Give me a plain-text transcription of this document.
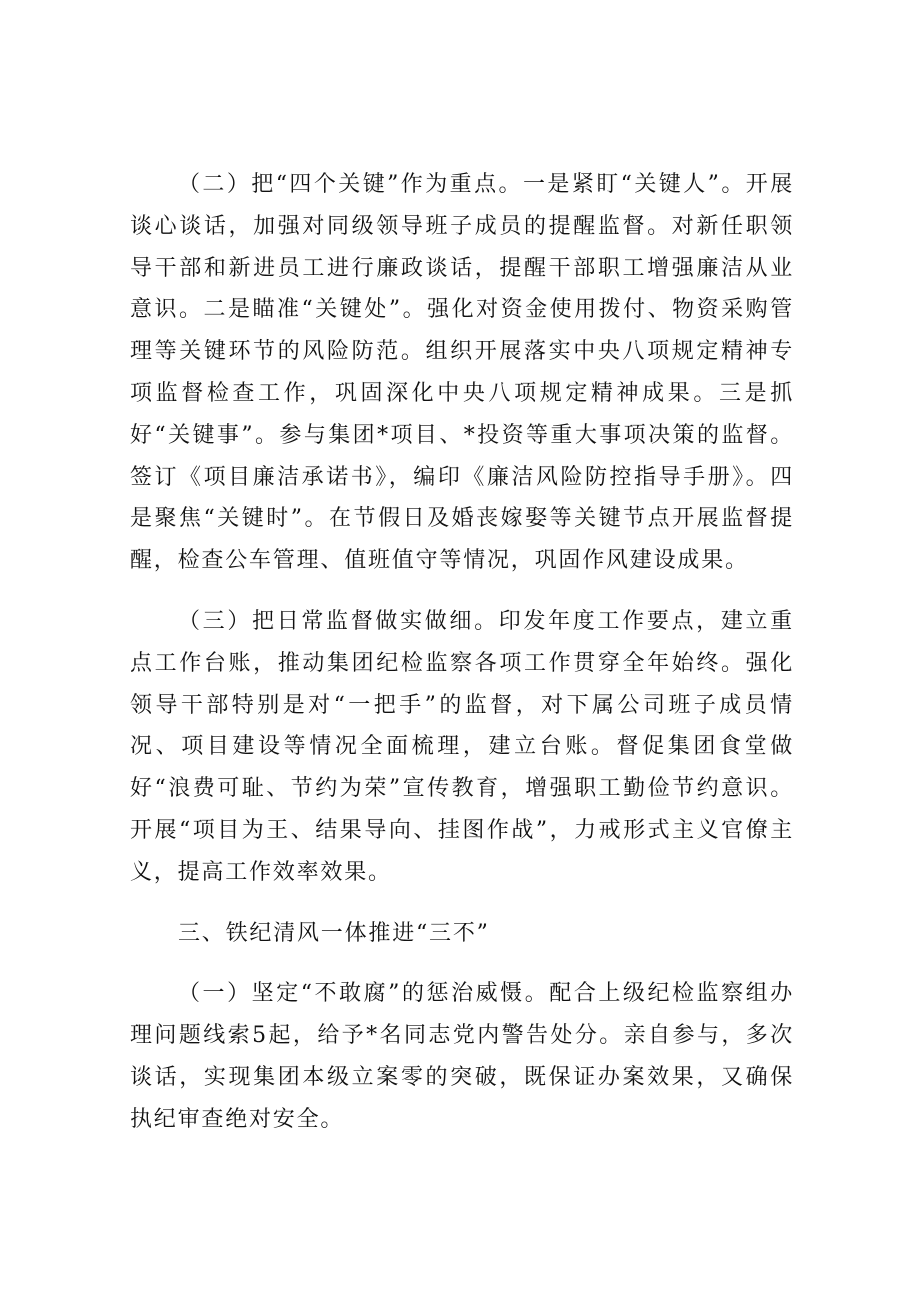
（二）把“四个关键”作为重点。一是紧盯“关键人”。开展谈心谈话，加强对同级领导班子成员的提醒监督。对新任职领导干部和新进员工进行廉政谈话，提醒干部职工增强廉洁从业意识。二是瞄准“关键处”。强化对资金使用拨付、物资采购管理等关键环节的风险防范。组织开展落实中央八项规定精神专项监督检查工作，巩固深化中央八项规定精神成果。三是抓好“关键事”。参与集团*项目、*投资等重大事项决策的监督。签订《项目廉洁承诺书》，编印《廉洁风险防控指导手册》。四是聚焦“关键时”。在节假日及婚丧嫁娶等关键节点开展监督提醒，检查公车管理、值班值守等情况，巩固作风建设成果。

（三）把日常监督做实做细。印发年度工作要点，建立重点工作台账，推动集团纪检监察各项工作贯穿全年始终。强化领导干部特别是对“一把手”的监督，对下属公司班子成员情况、项目建设等情况全面梳理，建立台账。督促集团食堂做好“浪费可耻、节约为荣”宣传教育，增强职工勤俭节约意识。开展“项目为王、结果导向、挂图作战”，力戒形式主义官僚主义，提高工作效率效果。

三、铁纪清风一体推进“三不”

（一）坚定“不敢腐”的惩治威慑。配合上级纪检监察组办理问题线索5起，给予*名同志党内警告处分。亲自参与，多次谈话，实现集团本级立案零的突破，既保证办案效果，又确保执纪审查绝对安全。
